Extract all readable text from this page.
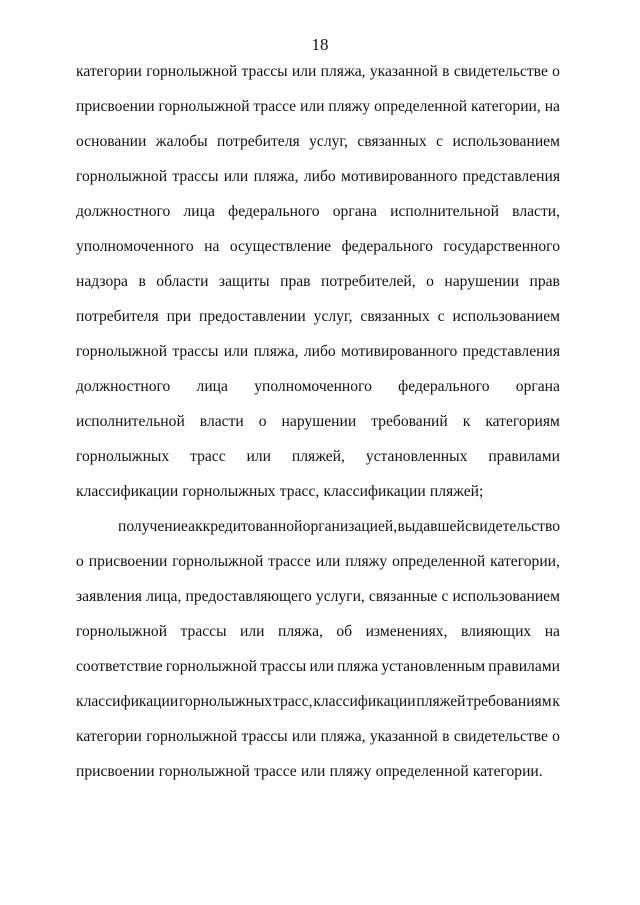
18
категории горнолыжной трассы или пляжа, указанной в свидетельстве о
присвоении горнолыжной трассе или пляжу определенной категории, на
основании жалобы потребителя услуг, связанных с использованием
горнолыжной трассы или пляжа, либо мотивированного представления
должностного лица федерального органа исполнительной власти,
уполномоченного на осуществление федерального государственного
надзора в области защиты прав потребителей, о нарушении прав
потребителя при предоставлении услуг, связанных с использованием
горнолыжной трассы или пляжа, либо мотивированного представления
должностного лица уполномоченного федерального органа
исполнительной власти о нарушении требований к категориям
горнолыжных трасс или пляжей, установленных правилами
классификации горнолыжных трасс, классификации пляжей;
получение аккредитованной организацией, выдавшей свидетельство
о присвоении горнолыжной трассе или пляжу определенной категории,
заявления лица, предоставляющего услуги, связанные с использованием
горнолыжной трассы или пляжа, об изменениях, влияющих на
соответствие горнолыжной трассы или пляжа установленным правилами
классификации горнолыжных трасс, классификации пляжей требованиям к
категории горнолыжной трассы или пляжа, указанной в свидетельстве о
присвоении горнолыжной трассе или пляжу определенной категории.
